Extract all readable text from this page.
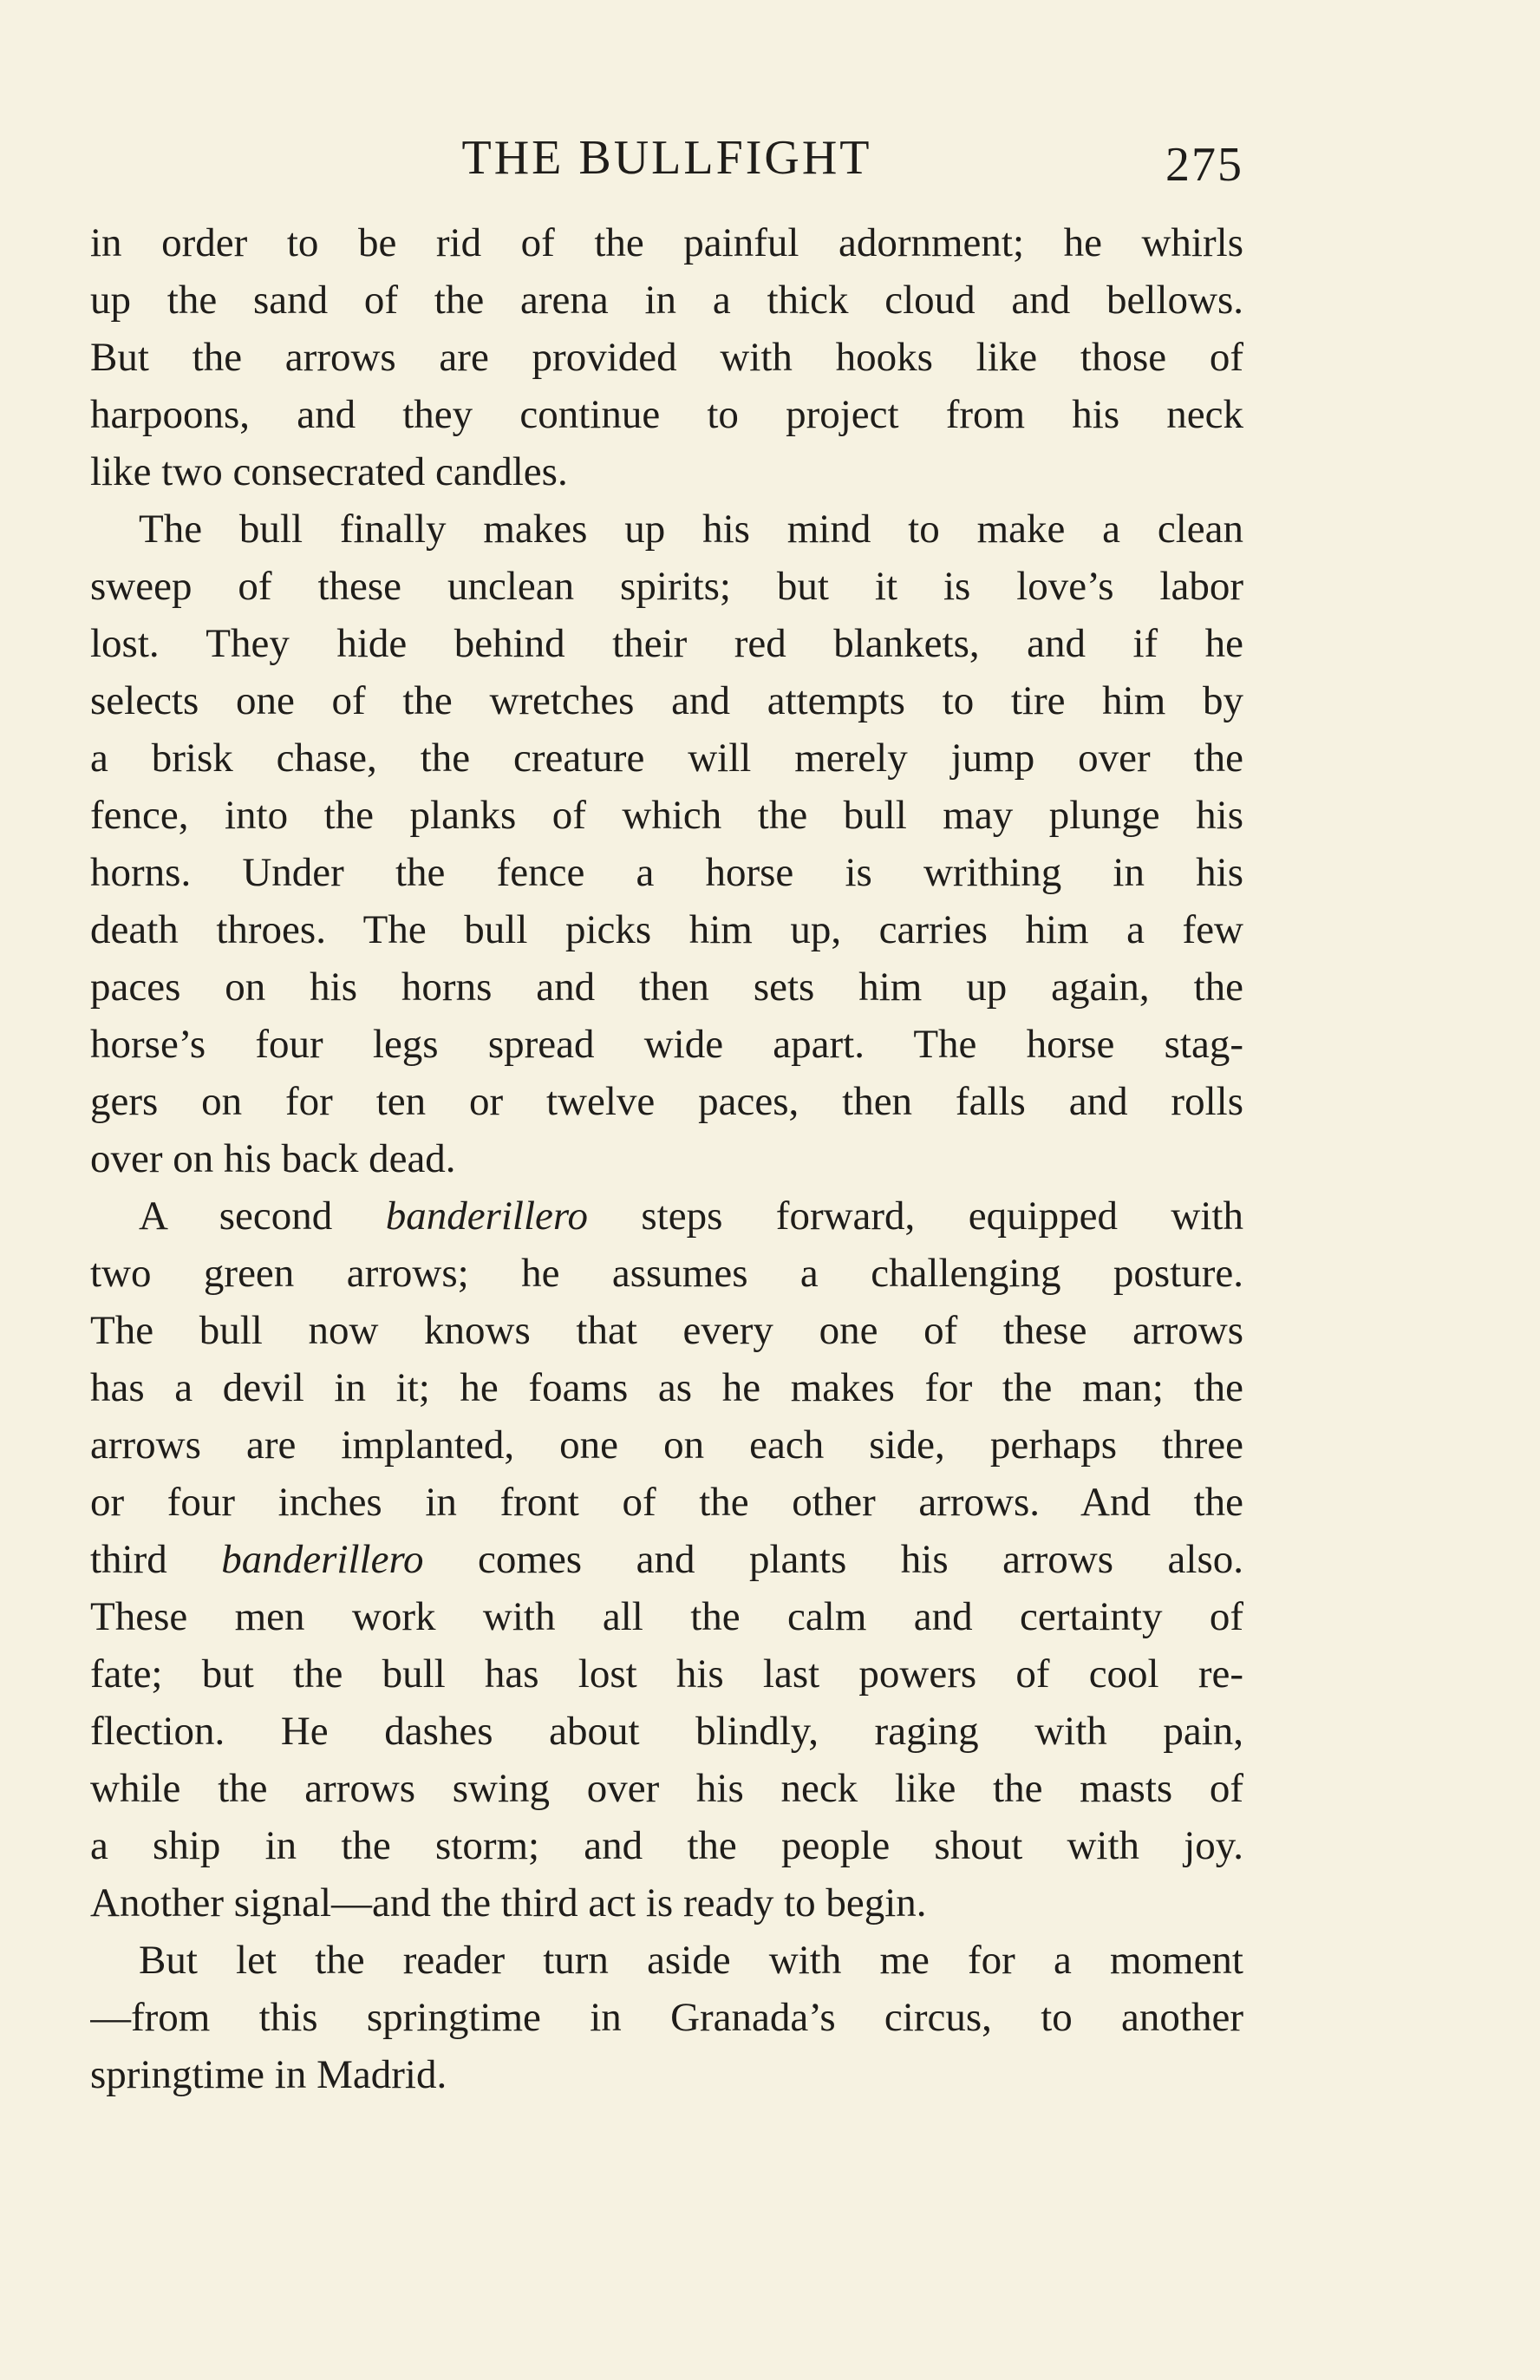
THE BULLFIGHT	275
in order to be rid of the painful adornment; he whirls
up the sand of the arena in a thick cloud and bellows.
But the arrows are provided with hooks like those of
harpoons, and they continue to project from his neck
like two consecrated candles.
The bull finally makes up his mind to make a clean
sweep of these unclean spirits; but it is love’s labor
lost. They hide behind their red blankets, and if he
selects one of the wretches and attempts to tire him by
a brisk chase, the creature will merely jump over the
fence, into the planks of which the bull may plunge his
horns. Under the fence a horse is writhing in his
death throes. The bull picks him up, carries him a few
paces on his horns and then sets him up again, the
horse’s four legs spread wide apart. The horse stag-
gers on for ten or twelve paces, then falls and rolls
over on his back dead.
A second banderillero steps forward, equipped with
two green arrows; he assumes a challenging posture.
The bull now knows that every one of these arrows
has a devil in it; he foams as he makes for the man; the
arrows are implanted, one on each side, perhaps three
or four inches in front of the other arrows. And the
third banderillero comes and plants his arrows also.
These men work with all the calm and certainty of
fate; but the bull has lost his last powers of cool re-
flection. He dashes about blindly, raging with pain,
while the arrows swing over his neck like the masts of
a ship in the storm; and the people shout with joy.
Another signal—and the third act is ready to begin.
But let the reader turn aside with me for a moment
—from this springtime in Granada’s circus, to another
springtime in Madrid.
